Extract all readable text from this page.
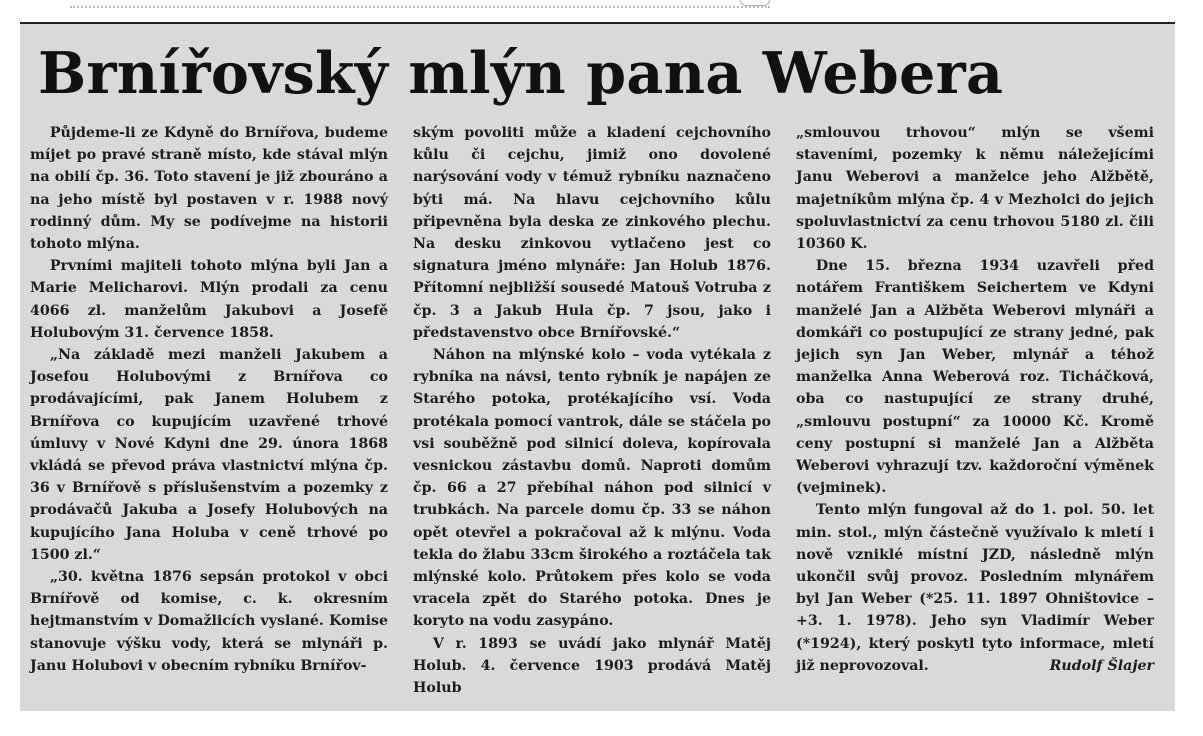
Brnířovský mlýn pana Webera

Půjdeme-li ze Kdyně do Brnířova, budeme míjet po pravé straně místo, kde stával mlýn na obilí čp. 36. Toto stavení je již zbouráno a na jeho místě byl postaven v r. 1988 nový rodinný dům. My se podívejme na historii tohoto mlýna.

Prvními majiteli tohoto mlýna byli Jan a Marie Melicharovi. Mlýn prodali za cenu 4066 zl. manželům Jakubovi a Josefě Holubovým 31. července 1858.

„Na základě mezi manželi Jakubem a Josefou Holubovými z Brnířova co prodávajícími, pak Janem Holubem z Brnířova co kupujícím uzavřené trhové úmluvy v Nové Kdyni dne 29. února 1868 vkládá se převod práva vlastnictví mlýna čp. 36 v Brnířově s příslušenstvím a pozemky z prodávačů Jakuba a Josefy Holubových na kupujícího Jana Holuba v ceně trhové po 1500 zl.“

„30. května 1876 sepsán protokol v obci Brnířově od komise, c. k. okresním hejtmanstvím v Domažlicích vyslané. Komise stanovuje výšku vody, která se mlynáři p. Janu Holubovi v obecním rybníku Brnířov-

ským povoliti může a kladení cejchovního kůlu či cejchu, jimiž ono dovolené narýsování vody v témuž rybníku naznačeno býti má. Na hlavu cejchovního kůlu připevněna byla deska ze zinkového plechu. Na desku zinkovou vytlačeno jest co signatura jméno mlynáře: Jan Holub 1876. Přítomní nejbližší sousedé Matouš Votruba z čp. 3 a Jakub Hula čp. 7 jsou, jako i představenstvo obce Brnířovské.“

Náhon na mlýnské kolo – voda vytékala z rybníka na návsi, tento rybník je napájen ze Starého potoka, protékajícího vsí. Voda protékala pomocí vantrok, dále se stáčela po vsi souběžně pod silnicí doleva, kopírovala vesnickou zástavbu domů. Naproti domům čp. 66 a 27 přebíhal náhon pod silnicí v trubkách. Na parcele domu čp. 33 se náhon opět otevřel a pokračoval až k mlýnu. Voda tekla do žlabu 33cm širokého a roztáčela tak mlýnské kolo. Průtokem přes kolo se voda vracela zpět do Starého potoka. Dnes je koryto na vodu zasypáno.

V r. 1893 se uvádí jako mlynář Matěj Holub. 4. července 1903 prodává Matěj Holub

„smlouvou trhovou“ mlýn se všemi staveními, pozemky k němu náležejícími Janu Weberovi a manželce jeho Alžbětě, majetníkům mlýna čp. 4 v Mezholci do jejich spoluvlastnictví za cenu trhovou 5180 zl. čili 10360 K.

Dne 15. března 1934 uzavřeli před notářem Františkem Seichertem ve Kdyni manželé Jan a Alžběta Weberovi mlynáři a domkáři co postupující ze strany jedné, pak jejich syn Jan Weber, mlynář a téhož manželka Anna Weberová roz. Ticháčková, oba co nastupující ze strany druhé, „smlouvu postupní“ za 10000 Kč. Kromě ceny postupní si manželé Jan a Alžběta Weberovi vyhrazují tzv. každoroční výměnek (vejminek).

Tento mlýn fungoval až do 1. pol. 50. let min. stol., mlýn částečně využívalo k mletí i nově vzniklé místní JZD, následně mlýn ukončil svůj provoz. Posledním mlynářem byl Jan Weber (*25. 11. 1897 Ohništovice – +3. 1. 1978). Jeho syn Vladimír Weber (*1924), který poskytl tyto informace, mletí již neprovozoval.	Rudolf Šlajer
